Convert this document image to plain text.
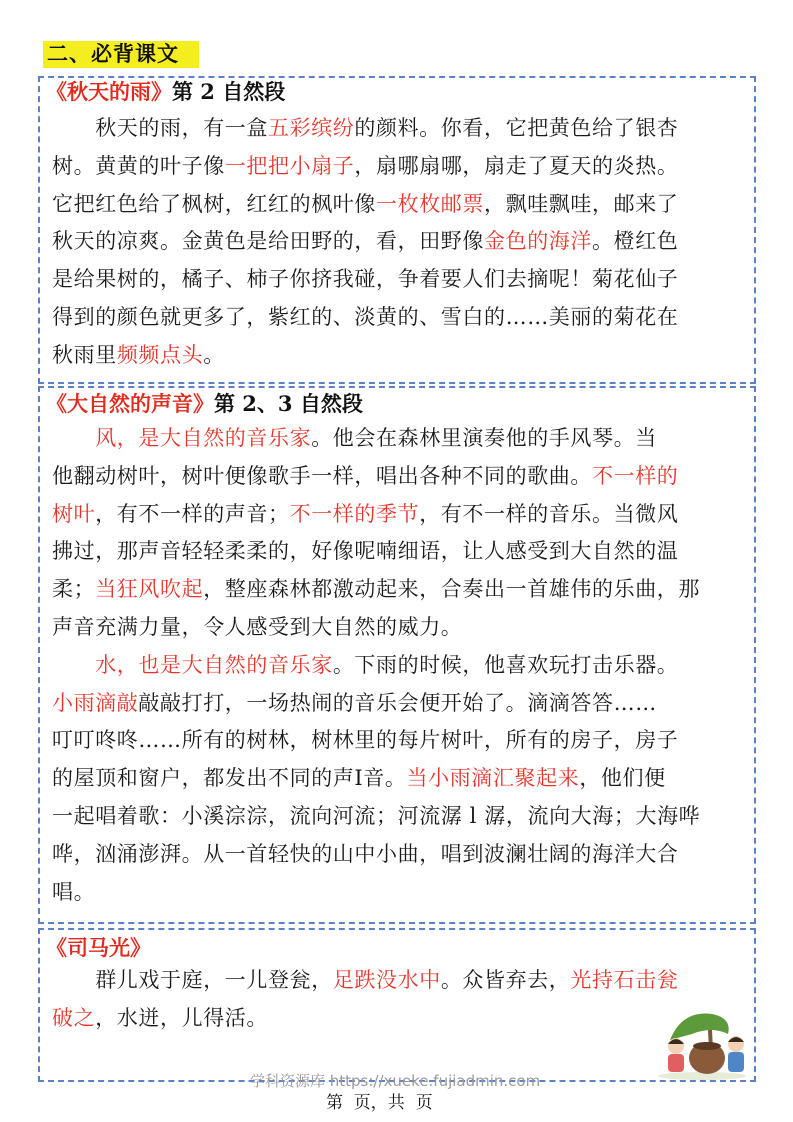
二、必背课文
《秋天的雨》第 2 自然段
《大自然的声音》第 2、3 自然段
《司马光》
　　秋天的雨，有一盒五彩缤纷的颜料。你看，它把黄色给了银杏
树。黄黄的叶子像一把把小扇子，扇哪扇哪，扇走了夏天的炎热。
它把红色给了枫树，红红的枫叶像一枚枚邮票，飘哇飘哇，邮来了
秋天的凉爽。金黄色是给田野的，看，田野像金色的海洋。橙红色
是给果树的，橘子、柿子你挤我碰，争着要人们去摘呢！菊花仙子
得到的颜色就更多了，紫红的、淡黄的、雪白的……美丽的菊花在
秋雨里频频点头。
　　风，是大自然的音乐家。他会在森林里演奏他的手风琴。当
他翻动树叶，树叶便像歌手一样，唱出各种不同的歌曲。不一样的
树叶，有不一样的声音；不一样的季节，有不一样的音乐。当微风
拂过，那声音轻轻柔柔的，好像呢喃细语，让人感受到大自然的温
柔；当狂风吹起，整座森林都激动起来，合奏出一首雄伟的乐曲，那
声音充满力量，令人感受到大自然的威力。
　　水，也是大自然的音乐家。下雨的时候，他喜欢玩打击乐器。
小雨滴敲敲敲打打，一场热闹的音乐会便开始了。滴滴答答……
叮叮咚咚……所有的树林，树林里的每片树叶，所有的房子，房子
的屋顶和窗户，都发出不同的声Ⅰ音。当小雨滴汇聚起来，他们便
一起唱着歌：小溪淙淙，流向河流；河流潺 l 潺，流向大海；大海哗
哗，汹涌澎湃。从一首轻快的山中小曲，唱到波澜壮阔的海洋大合
唱。
　　群儿戏于庭，一儿登瓮，足跌没水中。众皆弃去，光持石击瓮
破之，水迸，儿得活。
学科资源库 https://xueke.fujiadmin.com
第  页，共  页
